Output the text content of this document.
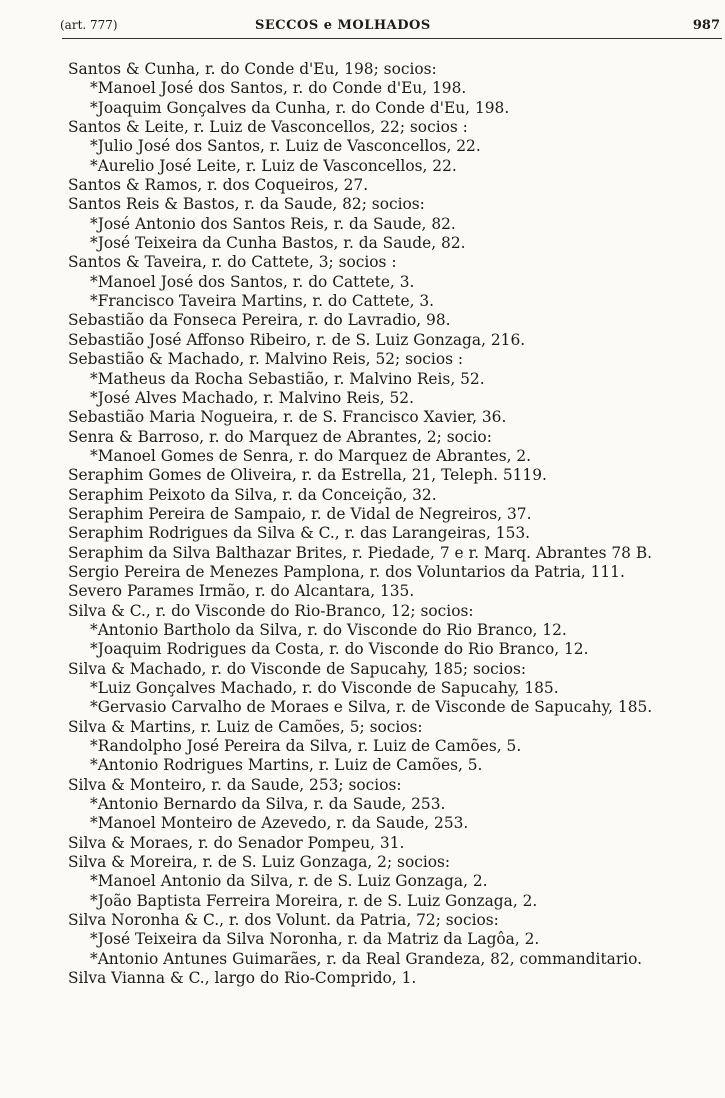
(art. 777)	SECCOS e MOLHADOS	987
Santos & Cunha, r. do Conde d'Eu, 198; socios:
*Manoel José dos Santos, r. do Conde d'Eu, 198.
*Joaquim Gonçalves da Cunha, r. do Conde d'Eu, 198.
Santos & Leite, r. Luiz de Vasconcellos, 22; socios :
*Julio José dos Santos, r. Luiz de Vasconcellos, 22.
*Aurelio José Leite, r. Luiz de Vasconcellos, 22.
Santos & Ramos, r. dos Coqueiros, 27.
Santos Reis & Bastos, r. da Saude, 82; socios:
*José Antonio dos Santos Reis, r. da Saude, 82.
*José Teixeira da Cunha Bastos, r. da Saude, 82.
Santos & Taveira, r. do Cattete, 3; socios :
*Manoel José dos Santos, r. do Cattete, 3.
*Francisco Taveira Martins, r. do Cattete, 3.
Sebastião da Fonseca Pereira, r. do Lavradio, 98.
Sebastião José Affonso Ribeiro, r. de S. Luiz Gonzaga, 216.
Sebastião & Machado, r. Malvino Reis, 52; socios :
*Matheus da Rocha Sebastião, r. Malvino Reis, 52.
*José Alves Machado, r. Malvino Reis, 52.
Sebastião Maria Nogueira, r. de S. Francisco Xavier, 36.
Senra & Barroso, r. do Marquez de Abrantes, 2; socio:
*Manoel Gomes de Senra, r. do Marquez de Abrantes, 2.
Seraphim Gomes de Oliveira, r. da Estrella, 21, Teleph. 5119.
Seraphim Peixoto da Silva, r. da Conceição, 32.
Seraphim Pereira de Sampaio, r. de Vidal de Negreiros, 37.
Seraphim Rodrigues da Silva & C., r. das Larangeiras, 153.
Seraphim da Silva Balthazar Brites, r. Piedade, 7 e r. Marq. Abrantes 78 B.
Sergio Pereira de Menezes Pamplona, r. dos Voluntarios da Patria, 111.
Severo Parames Irmão, r. do Alcantara, 135.
Silva & C., r. do Visconde do Rio-Branco, 12; socios:
*Antonio Bartholo da Silva, r. do Visconde do Rio Branco, 12.
*Joaquim Rodrigues da Costa, r. do Visconde do Rio Branco, 12.
Silva & Machado, r. do Visconde de Sapucahy, 185; socios:
*Luiz Gonçalves Machado, r. do Visconde de Sapucahy, 185.
*Gervasio Carvalho de Moraes e Silva, r. de Visconde de Sapucahy, 185.
Silva & Martins, r. Luiz de Camões, 5; socios:
*Randolpho José Pereira da Silva, r. Luiz de Camões, 5.
*Antonio Rodrigues Martins, r. Luiz de Camões, 5.
Silva & Monteiro, r. da Saude, 253; socios:
*Antonio Bernardo da Silva, r. da Saude, 253.
*Manoel Monteiro de Azevedo, r. da Saude, 253.
Silva & Moraes, r. do Senador Pompeu, 31.
Silva & Moreira, r. de S. Luiz Gonzaga, 2; socios:
*Manoel Antonio da Silva, r. de S. Luiz Gonzaga, 2.
*João Baptista Ferreira Moreira, r. de S. Luiz Gonzaga, 2.
Silva Noronha & C., r. dos Volunt. da Patria, 72; socios:
*José Teixeira da Silva Noronha, r. da Matriz da Lagôa, 2.
*Antonio Antunes Guimarães, r. da Real Grandeza, 82, commanditario.
Silva Vianna & C., largo do Rio-Comprido, 1.
